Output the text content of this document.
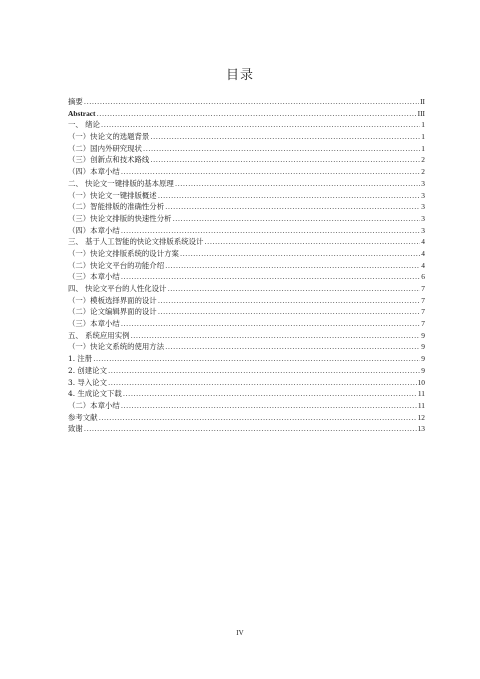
目录
摘要 .....	II
Abstract .....	III
一、 绪论 .....	1
（一）快论文的选题背景 .....	1
（二）国内外研究现状 .....	1
（三）创新点和技术路线 .....	2
（四）本章小结 .....	2
二、 快论文一键排版的基本原理 .....	3
（一）快论文一键排版概述 .....	3
（二）智能排版的准确性分析 .....	3
（三）快论文排版的快速性分析 .....	3
（四）本章小结 .....	3
三、 基于人工智能的快论文排版系统设计 .....	4
（一）快论文排版系统的设计方案 .....	4
（二）快论文平台的功能介绍 .....	4
（三）本章小结 .....	6
四、 快论文平台的人性化设计 .....	7
（一）模板选择界面的设计 .....	7
（二）论文编辑界面的设计 .....	7
（三）本章小结 .....	7
五、 系统应用实例 .....	9
（一）快论文系统的使用方法 .....	9
1. 注册 .....	9
2. 创建论文 .....	9
3. 导入论文 .....	10
4. 生成论文下载 .....	11
（二）本章小结 .....	11
参考文献 .....	12
致谢 .....	13
IV
